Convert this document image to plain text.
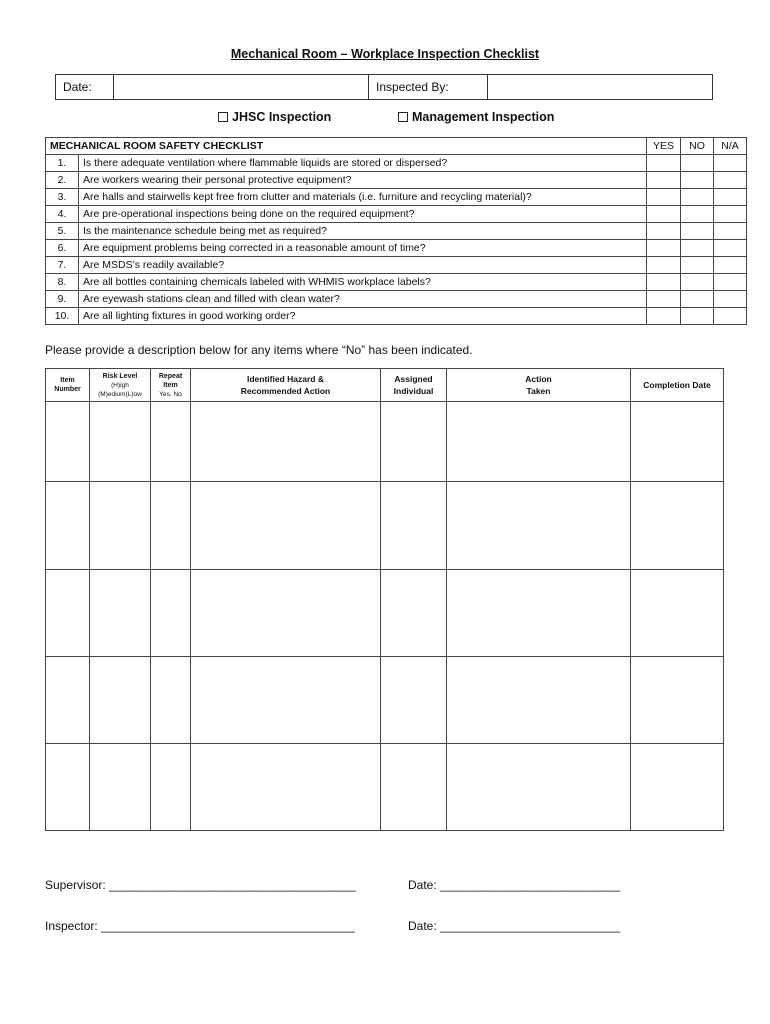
Mechanical Room – Workplace Inspection Checklist
Date:	Inspected By:
JHSC Inspection	Management Inspection
MECHANICAL ROOM SAFETY CHECKLIST		YES	NO	N/A
1.	Is there adequate ventilation where flammable liquids are stored or dispersed?			
2.	Are workers wearing their personal protective equipment?			
3.	Are halls and stairwells kept free from clutter and materials (i.e. furniture and recycling material)?			
4.	Are pre-operational inspections being done on the required equipment?			
5.	Is the maintenance schedule being met as required?			
6.	Are equipment problems being corrected in a reasonable amount of time?			
7.	Are MSDS’s readily available?			
8.	Are all bottles containing chemicals labeled with WHMIS workplace labels?			
9.	Are eyewash stations clean and filled with clean water?			
10.	Are all lighting fixtures in good working order?			
Please provide a description below for any items where “No” has been indicated.
Item
Number	Risk Level
(H)igh
(M)edium(L)ow	Repeat
Item
Yes, No	Identified Hazard &
Recommended Action	Assigned
Individual	Action
Taken	Completion Date

Supervisor: _____________________________________	Date: ___________________________
Inspector: ______________________________________	Date: ___________________________
